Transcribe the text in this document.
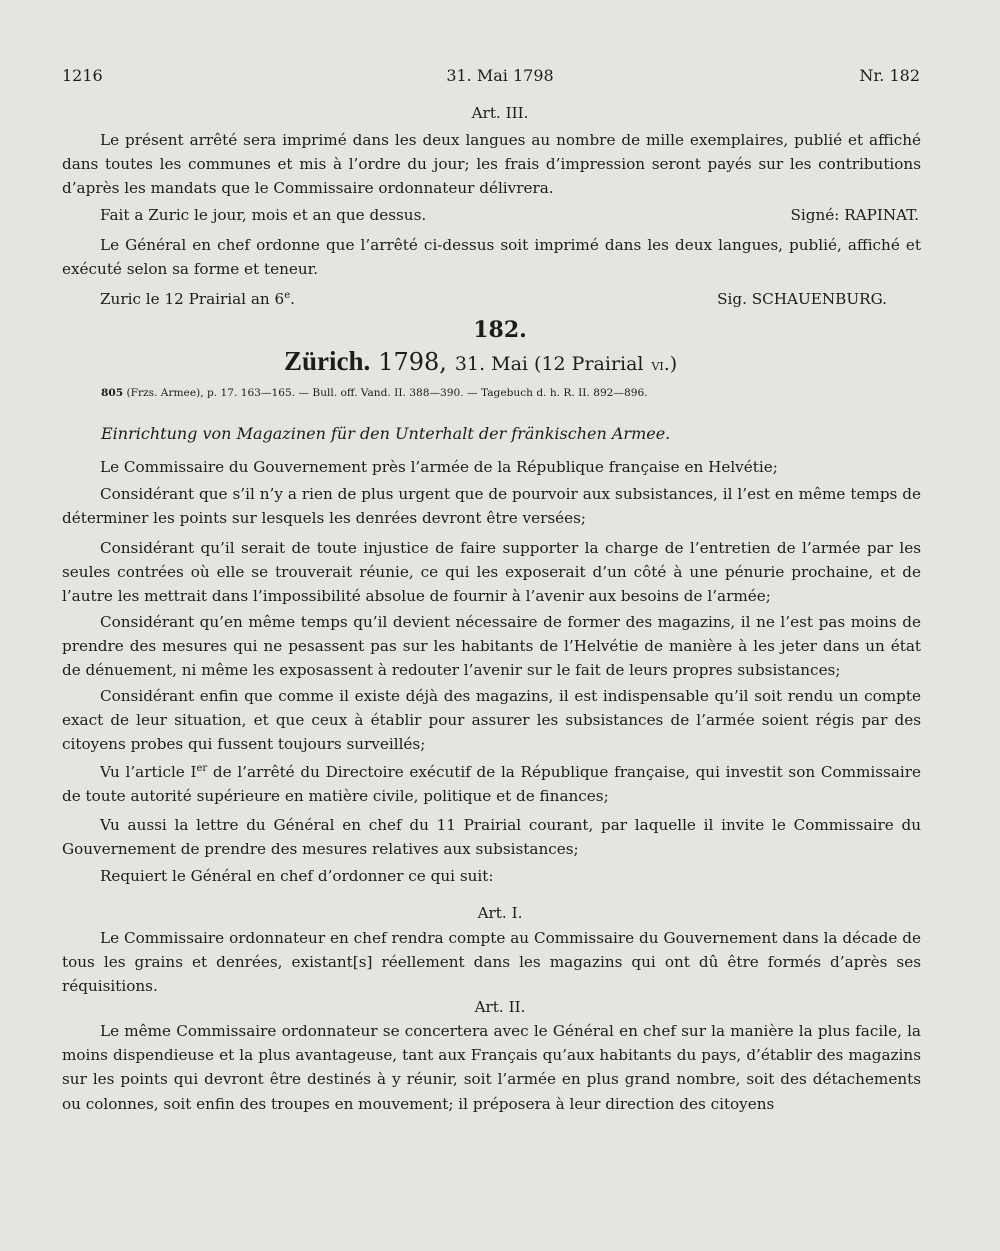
1216	31. Mai 1798	Nr. 182
Art. III.
Le présent arrêté sera imprimé dans les deux langues au nombre de mille exemplaires, publié et affiché dans toutes les communes et mis à l’ordre du jour; les frais d’impression seront payés sur les contributions d’après les mandats que le Commissaire ordonnateur délivrera.
Fait a Zuric le jour, mois et an que dessus.	Signé: RAPINAT.
Le Général en chef ordonne que l’arrêté ci-dessus soit imprimé dans les deux langues, publié, affiché et exécuté selon sa forme et teneur.
Zuric le 12 Prairial an 6e.	Sig. SCHAUENBURG.
182.
Zürich. 1798, 31. Mai (12 Prairial vi.)
805 (Frzs. Armee), p. 17. 163—165. — Bull. off. Vand. II. 388—390. — Tagebuch d. h. R. II. 892—896.
Einrichtung von Magazinen für den Unterhalt der fränkischen Armee.
Le Commissaire du Gouvernement près l’armée de la République française en Helvétie;
Considérant que s’il n’y a rien de plus urgent que de pourvoir aux subsistances, il l’est en même temps de déterminer les points sur lesquels les denrées devront être versées;
Considérant qu’il serait de toute injustice de faire supporter la charge de l’entretien de l’armée par les seules contrées où elle se trouverait réunie, ce qui les exposerait d’un côté à une pénurie prochaine, et de l’autre les mettrait dans l’impossibilité absolue de fournir à l’avenir aux besoins de l’armée;
Considérant qu’en même temps qu’il devient nécessaire de former des magazins, il ne l’est pas moins de prendre des mesures qui ne pesassent pas sur les habitants de l’Helvétie de manière à les jeter dans un état de dénuement, ni même les exposassent à redouter l’avenir sur le fait de leurs propres subsistances;
Considérant enfin que comme il existe déjà des magazins, il est indispensable qu’il soit rendu un compte exact de leur situation, et que ceux à établir pour assurer les subsistances de l’armée soient régis par des citoyens probes qui fussent toujours surveillés;
Vu l’article Ier de l’arrêté du Directoire exécutif de la République française, qui investit son Commissaire de toute autorité supérieure en matière civile, politique et de finances;
Vu aussi la lettre du Général en chef du 11 Prairial courant, par laquelle il invite le Commissaire du Gouvernement de prendre des mesures relatives aux subsistances;
Requiert le Général en chef d’ordonner ce qui suit:
Art. I.
Le Commissaire ordonnateur en chef rendra compte au Commissaire du Gouvernement dans la décade de tous les grains et denrées, existant[s] réellement dans les magazins qui ont dû être formés d’après ses réquisitions.
Art. II.
Le même Commissaire ordonnateur se concertera avec le Général en chef sur la manière la plus facile, la moins dispendieuse et la plus avantageuse, tant aux Français qu’aux habitants du pays, d’établir des magazins sur les points qui devront être destinés à y réunir, soit l’armée en plus grand nombre, soit des détachements ou colonnes, soit enfin des troupes en mouvement; il préposera à leur direction des citoyens
